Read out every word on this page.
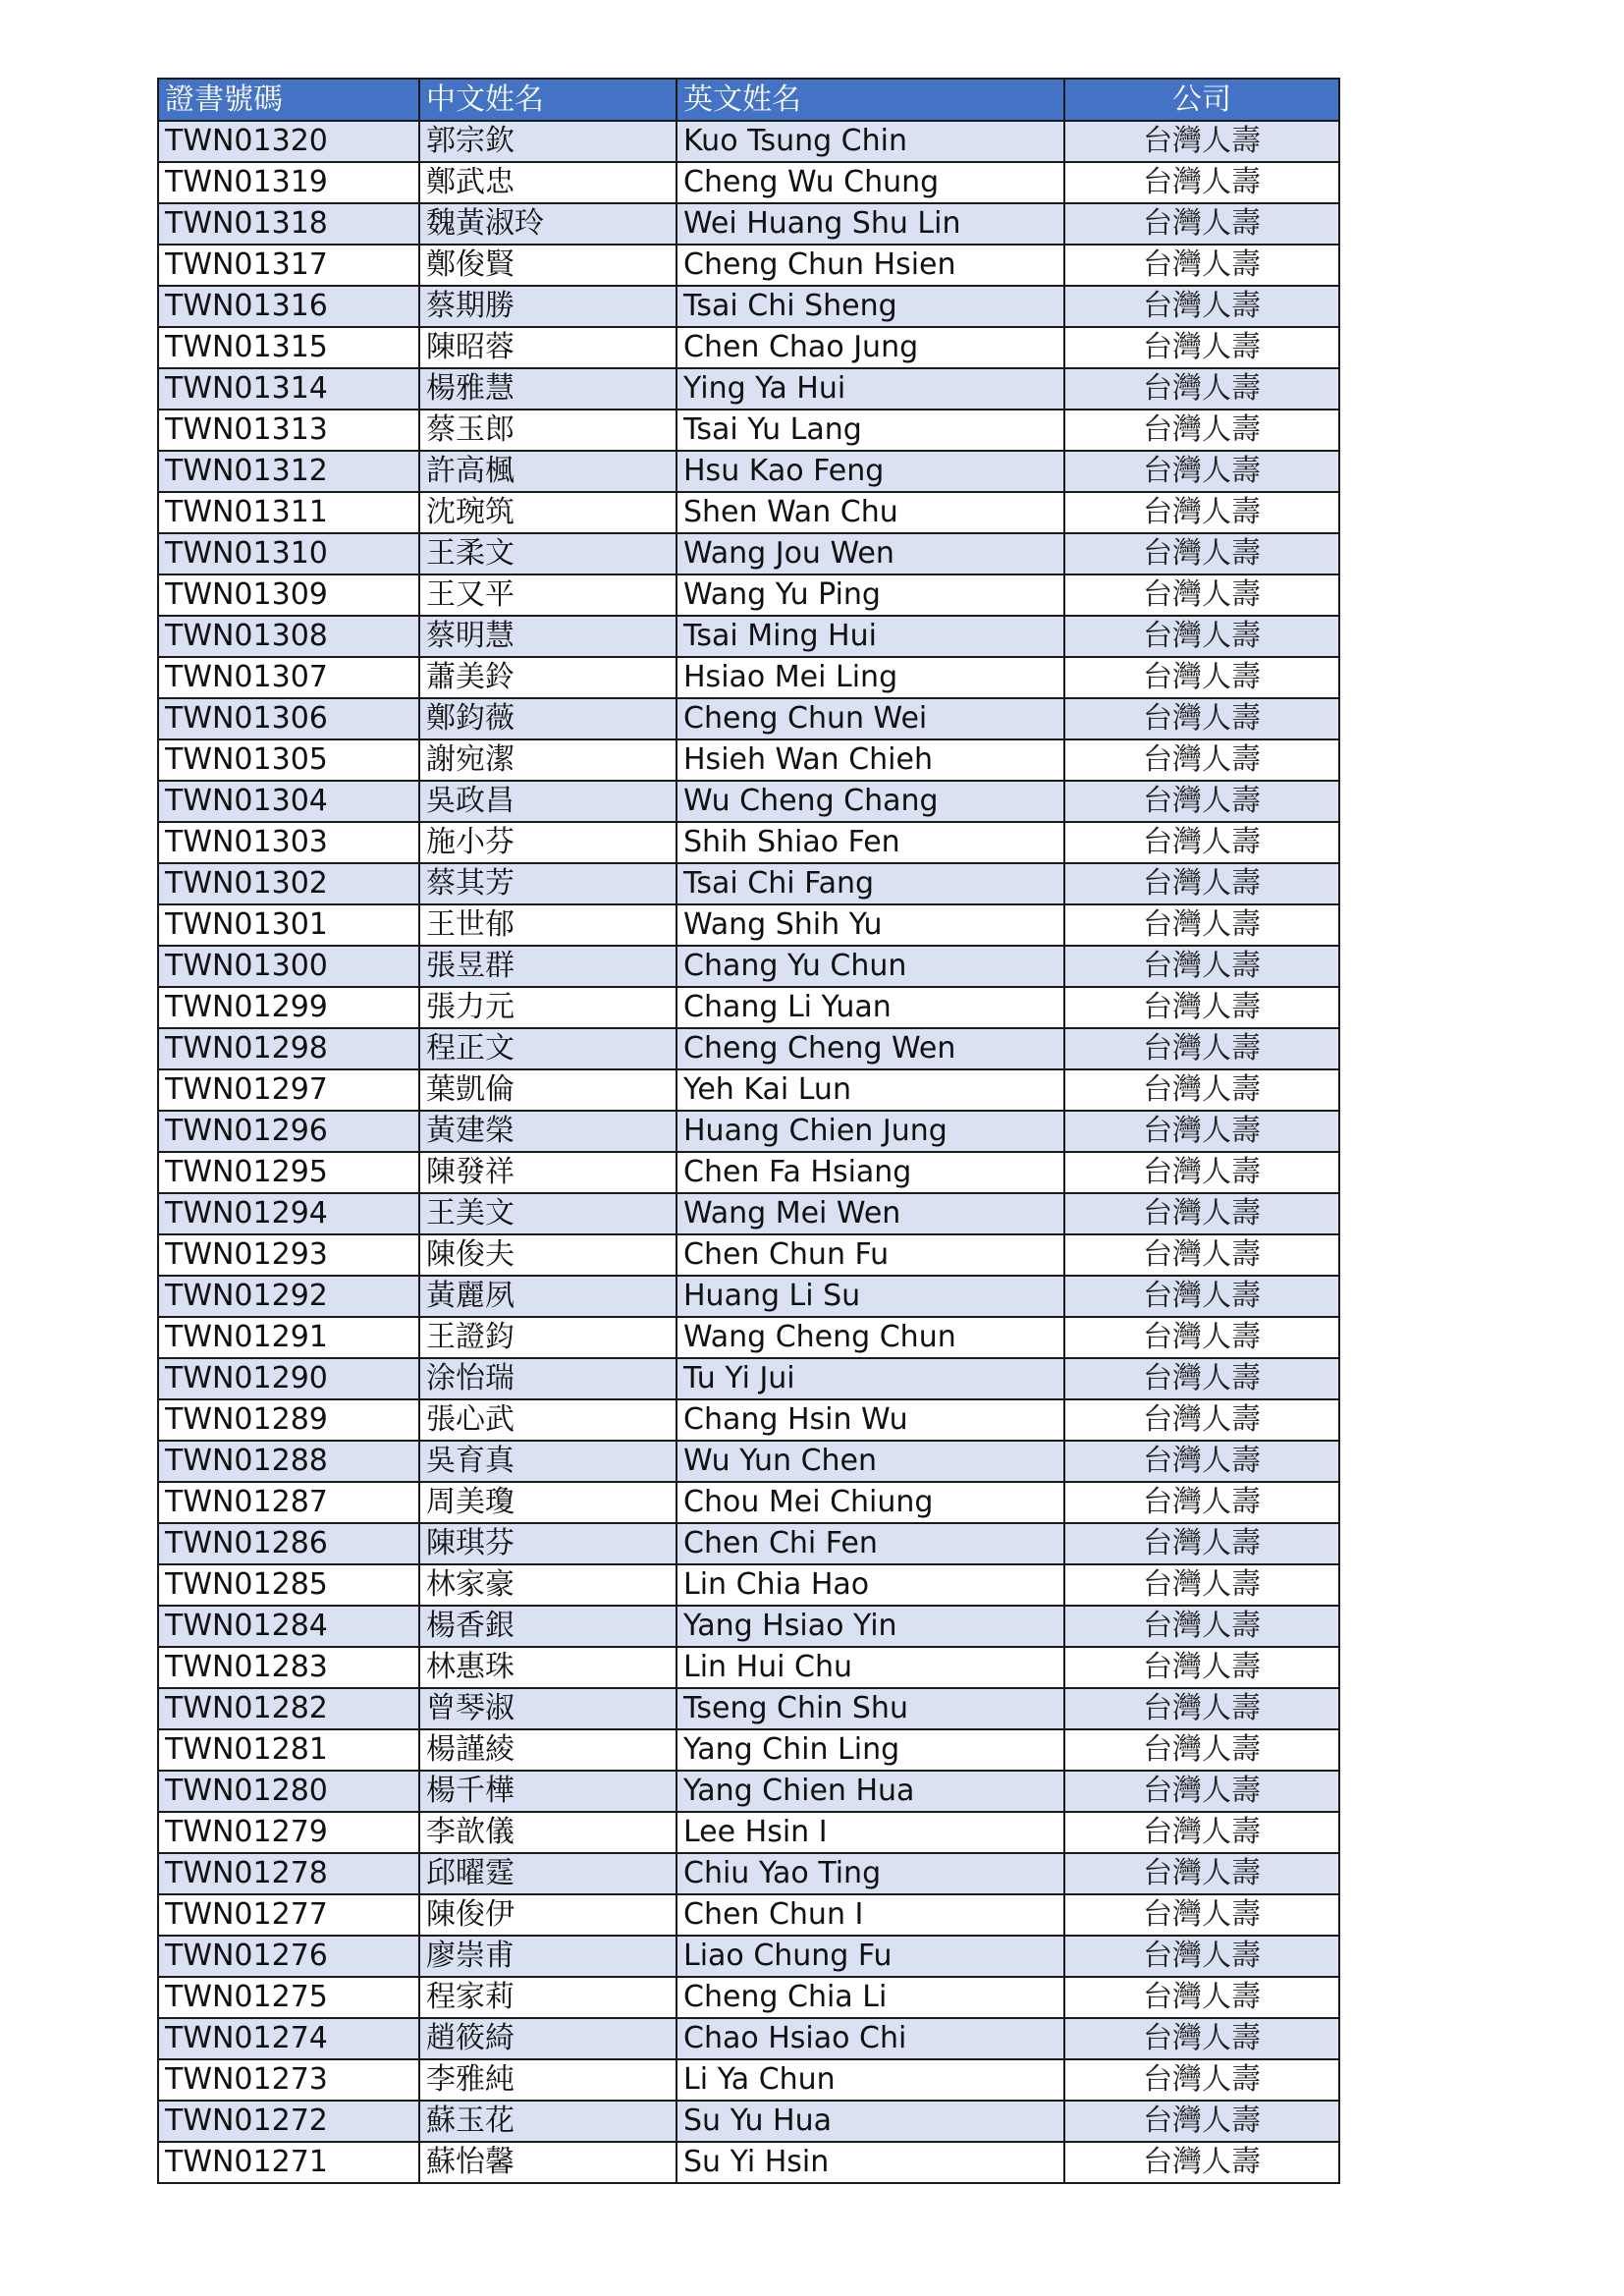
證書號碼	中文姓名	英文姓名	公司
TWN01320	郭宗欽	Kuo Tsung Chin	台灣人壽
TWN01319	鄭武忠	Cheng Wu Chung	台灣人壽
TWN01318	魏黃淑玲	Wei Huang Shu Lin	台灣人壽
TWN01317	鄭俊賢	Cheng Chun Hsien	台灣人壽
TWN01316	蔡期勝	Tsai Chi Sheng	台灣人壽
TWN01315	陳昭蓉	Chen Chao Jung	台灣人壽
TWN01314	楊雅慧	Ying Ya Hui	台灣人壽
TWN01313	蔡玉郎	Tsai Yu Lang	台灣人壽
TWN01312	許高楓	Hsu Kao Feng	台灣人壽
TWN01311	沈琬筑	Shen Wan Chu	台灣人壽
TWN01310	王柔文	Wang Jou Wen	台灣人壽
TWN01309	王又平	Wang Yu Ping	台灣人壽
TWN01308	蔡明慧	Tsai Ming Hui	台灣人壽
TWN01307	蕭美鈴	Hsiao Mei Ling	台灣人壽
TWN01306	鄭鈞薇	Cheng Chun Wei	台灣人壽
TWN01305	謝宛潔	Hsieh Wan Chieh	台灣人壽
TWN01304	吳政昌	Wu Cheng Chang	台灣人壽
TWN01303	施小芬	Shih Shiao Fen	台灣人壽
TWN01302	蔡其芳	Tsai Chi Fang	台灣人壽
TWN01301	王世郁	Wang Shih Yu	台灣人壽
TWN01300	張昱群	Chang Yu Chun	台灣人壽
TWN01299	張力元	Chang Li Yuan	台灣人壽
TWN01298	程正文	Cheng Cheng Wen	台灣人壽
TWN01297	葉凱倫	Yeh Kai Lun	台灣人壽
TWN01296	黃建榮	Huang Chien Jung	台灣人壽
TWN01295	陳發祥	Chen Fa Hsiang	台灣人壽
TWN01294	王美文	Wang Mei Wen	台灣人壽
TWN01293	陳俊夫	Chen Chun Fu	台灣人壽
TWN01292	黃麗夙	Huang Li Su	台灣人壽
TWN01291	王證鈞	Wang Cheng Chun	台灣人壽
TWN01290	涂怡瑞	Tu Yi Jui	台灣人壽
TWN01289	張心武	Chang Hsin Wu	台灣人壽
TWN01288	吳育真	Wu Yun Chen	台灣人壽
TWN01287	周美瓊	Chou Mei Chiung	台灣人壽
TWN01286	陳琪芬	Chen Chi Fen	台灣人壽
TWN01285	林家豪	Lin Chia Hao	台灣人壽
TWN01284	楊香銀	Yang Hsiao Yin	台灣人壽
TWN01283	林惠珠	Lin Hui Chu	台灣人壽
TWN01282	曾琴淑	Tseng Chin Shu	台灣人壽
TWN01281	楊謹綾	Yang Chin Ling	台灣人壽
TWN01280	楊千樺	Yang Chien Hua	台灣人壽
TWN01279	李歆儀	Lee Hsin I	台灣人壽
TWN01278	邱曜霆	Chiu Yao Ting	台灣人壽
TWN01277	陳俊伊	Chen Chun I	台灣人壽
TWN01276	廖崇甫	Liao Chung Fu	台灣人壽
TWN01275	程家莉	Cheng Chia Li	台灣人壽
TWN01274	趙筱綺	Chao Hsiao Chi	台灣人壽
TWN01273	李雅純	Li Ya Chun	台灣人壽
TWN01272	蘇玉花	Su Yu Hua	台灣人壽
TWN01271	蘇怡馨	Su Yi Hsin	台灣人壽
